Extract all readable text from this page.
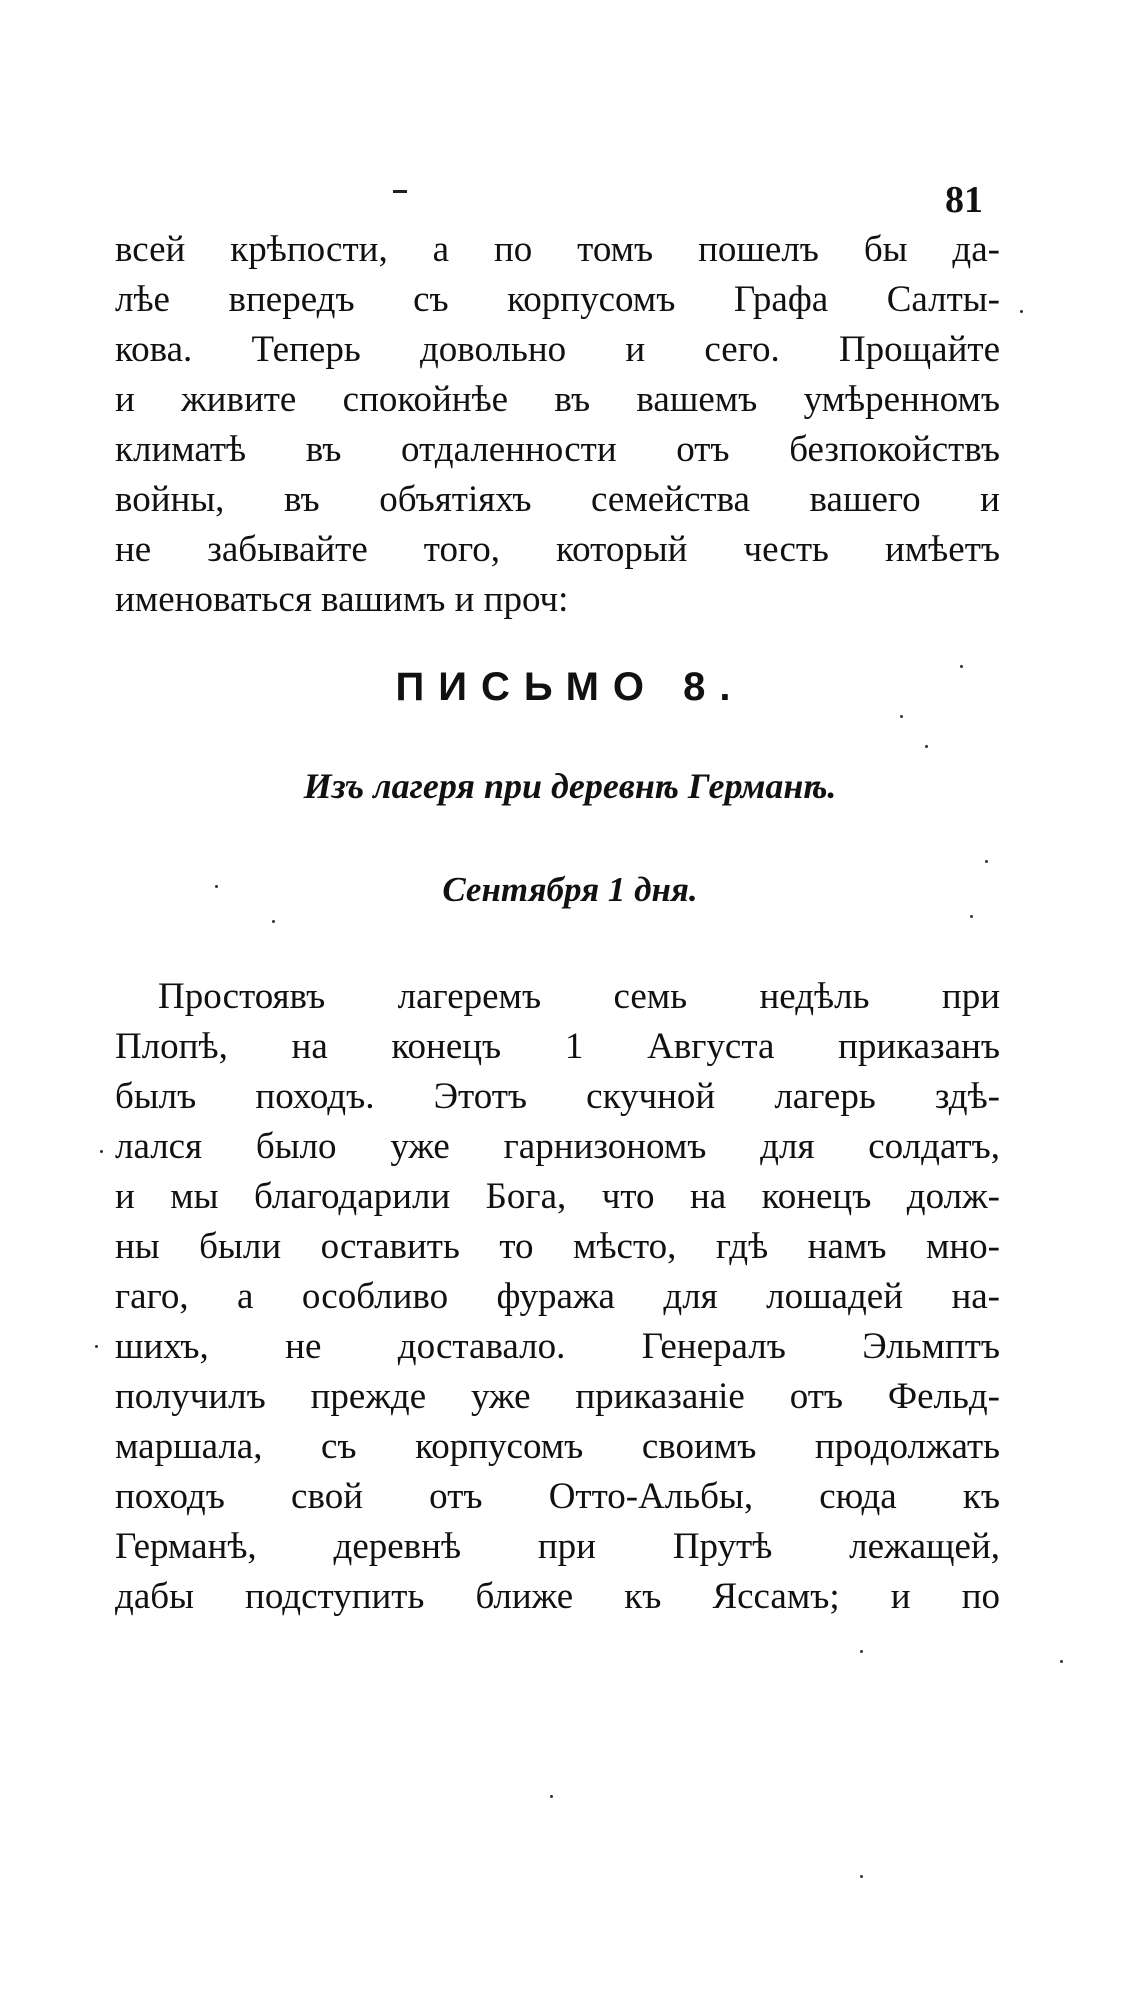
81
всей крѣпости, а по томъ пошелъ бы да-
лѣе впередъ съ корпусомъ Графа Салты-
кова. Теперь довольно и сего. Прощайте
и живите спокойнѣе въ вашемъ умѣренномъ
климатѣ въ отдаленности отъ безпокойствъ
войны, въ объятiяхъ семейства вашего и
не забывайте того, который честь имѣетъ
именоваться вашимъ и проч:
ПИСЬМО 8.
Изъ лагеря при деревнѣ Германѣ.
Сентября 1 дня.
Простоявъ лагеремъ семь недѣль при
Плопѣ, на конецъ 1 Августа приказанъ
былъ походъ. Этотъ скучной лагерь здѣ-
лался было уже гарнизономъ для солдатъ,
и мы благодарили Бога, что на конецъ долж-
ны были оставить то мѣсто, гдѣ намъ мно-
гаго, а особливо фуража для лошадей на-
шихъ, не доставало. Генералъ Эльмптъ
получилъ прежде уже приказанiе отъ Фельд-
маршала, съ корпусомъ своимъ продолжать
походъ свой отъ Отто-Альбы, сюда къ
Германѣ, деревнѣ при Прутѣ лежащей,
дабы подступить ближе къ Яссамъ; и по
